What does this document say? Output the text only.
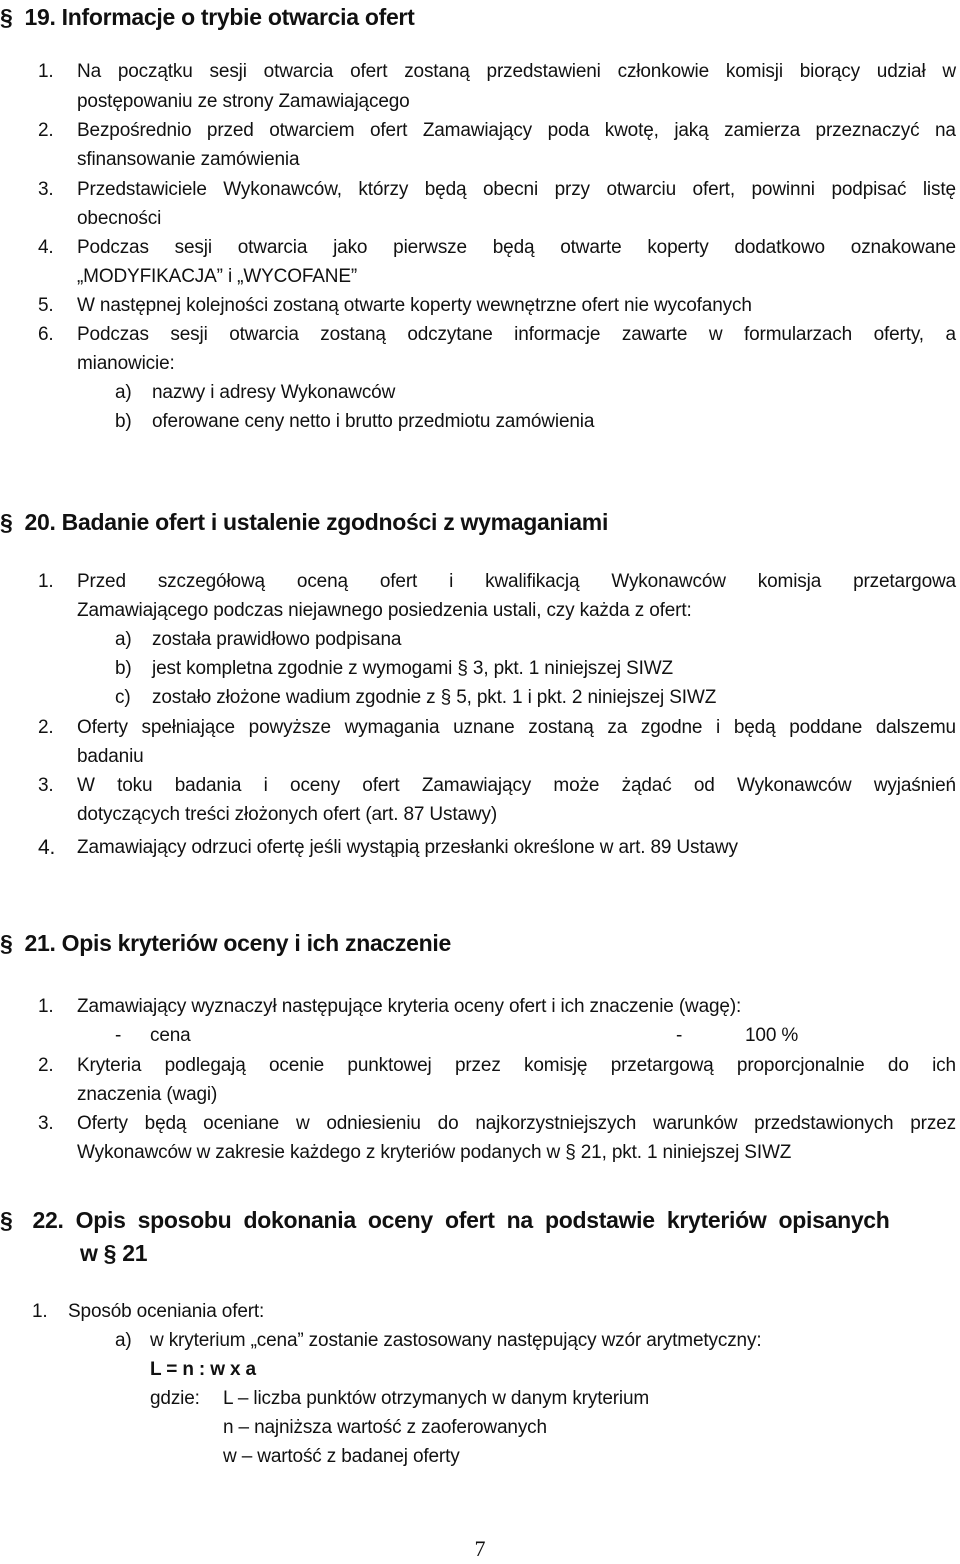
§ 19. Informacje o trybie otwarcia ofert
1. Na początku sesji otwarcia ofert zostaną przedstawieni członkowie komisji biorący udział w
postępowaniu ze strony Zamawiającego
2. Bezpośrednio przed otwarciem ofert Zamawiający poda kwotę, jaką zamierza przeznaczyć na
sfinansowanie zamówienia
3. Przedstawiciele Wykonawców, którzy będą obecni przy otwarciu ofert, powinni podpisać listę
obecności
4. Podczas sesji otwarcia jako pierwsze będą otwarte koperty dodatkowo oznakowane
„MODYFIKACJA” i „WYCOFANE”
5. W następnej kolejności zostaną otwarte koperty wewnętrzne ofert nie wycofanych
6. Podczas sesji otwarcia zostaną odczytane informacje zawarte w formularzach oferty, a
mianowicie:
a) nazwy i adresy Wykonawców
b) oferowane ceny netto i brutto przedmiotu zamówienia
§ 20. Badanie ofert i ustalenie zgodności z wymaganiami
1. Przed szczegółową oceną ofert i kwalifikacją Wykonawców komisja przetargowa
Zamawiającego podczas niejawnego posiedzenia ustali, czy każda z ofert:
a) została prawidłowo podpisana
b) jest kompletna zgodnie z wymogami § 3, pkt. 1 niniejszej SIWZ
c) zostało złożone wadium zgodnie z § 5, pkt. 1 i pkt. 2 niniejszej SIWZ
2. Oferty spełniające powyższe wymagania uznane zostaną za zgodne i będą poddane dalszemu
badaniu
3. W toku badania i oceny ofert Zamawiający może żądać od Wykonawców wyjaśnień
dotyczących treści złożonych ofert (art. 87 Ustawy)
4. Zamawiający odrzuci ofertę jeśli wystąpią przesłanki określone w art. 89 Ustawy
§ 21. Opis kryteriów oceny i ich znaczenie
1. Zamawiający wyznaczył następujące kryteria oceny ofert i ich znaczenie (wagę):
- cena	-	100 %
2. Kryteria podlegają ocenie punktowej przez komisję przetargową proporcjonalnie do ich
znaczenia (wagi)
3. Oferty będą oceniane w odniesieniu do najkorzystniejszych warunków przedstawionych przez
Wykonawców w zakresie każdego z kryteriów podanych w § 21, pkt. 1 niniejszej SIWZ
§ 22. Opis sposobu dokonania oceny ofert na podstawie kryteriów opisanych
w § 21
1. Sposób oceniania ofert:
a) w kryterium „cena” zostanie zastosowany następujący wzór arytmetyczny:
L = n : w x a
gdzie: L – liczba punktów otrzymanych w danym kryterium
n – najniższa wartość z zaoferowanych
w – wartość z badanej oferty
7
